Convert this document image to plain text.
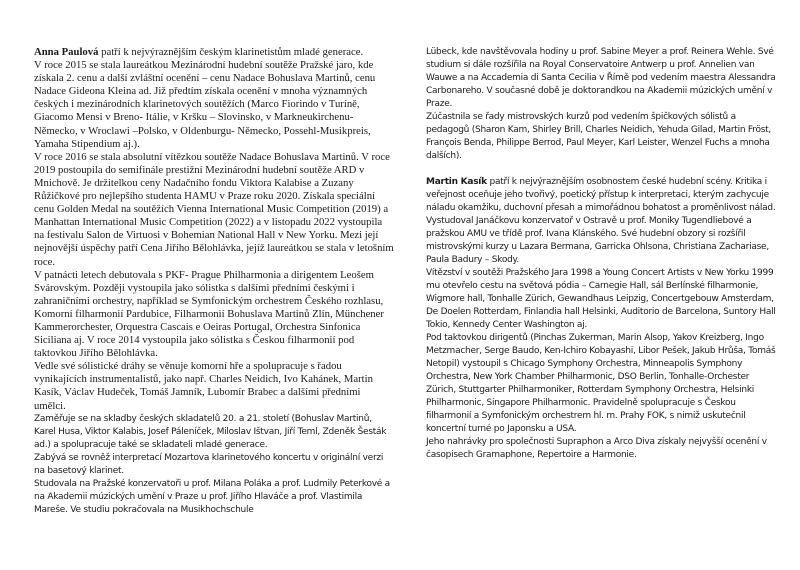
Anna Paulová patří k nejvýraznějším českým klarinetistům mladé generace.

V roce 2015 se stala laureátkou Mezinárodní hudební soutěže Pražské jaro, kde získala 2. cenu a další zvláštní ocenění – cenu Nadace Bohuslava Martinů, cenu Nadace Gideona Kleina ad. Již předtím získala ocenění v mnoha významných českých i mezinárodních klarinetových soutěžích (Marco Fiorindo v Turíně, Giacomo Mensi v Breno- Itálie, v Kršku – Slovinsko, v Markneukirchenu- Německo, v Wroclawi –Polsko, v Oldenburgu- Německo, Possehl-Musikpreis, Yamaha Stipendium aj.).

V roce 2016 se stala absolutní vítězkou soutěže Nadace Bohuslava Martinů. V roce 2019 postoupila do semifinále prestižní Mezinárodní hudební soutěže ARD v Mnichově. Je držitelkou ceny Nadačního fondu Viktora Kalabise a Zuzany Růžičkové pro nejlepšího studenta HAMU v Praze roku 2020. Získala speciální cenu Golden Medal na soutěžích Vienna International Music Competition (2019) a Manhattan International Music Competition (2022) a v listopadu 2022 vystoupila na festivalu Salon de Virtuosi v Bohemian National Hall v New Yorku. Mezi její nejnovější úspěchy patří Cena Jiřího Bělohlávka, jejíž laureátkou se stala v letošním roce.

V patnácti letech debutovala s PKF- Prague Philharmonia a dirigentem Leošem Svárovským. Později vystoupila jako sólistka s dalšími předními českými i zahraničními orchestry, například se Symfonickým orchestrem Českého rozhlasu, Komorní filharmonií Pardubice, Filharmonií Bohuslava Martinů Zlín, Münchener Kammerorchester, Orquestra Cascais e Oeiras Portugal, Orchestra Sinfonica Siciliana aj. V roce 2014 vystoupila jako sólistka s Českou filharmonií pod taktovkou Jiřího Bělohlávka.

Vedle své sólistické dráhy se věnuje komorní hře a spolupracuje s řadou vynikajících instrumentalistů, jako např. Charles Neidich, Ivo Kahánek, Martin Kasík, Václav Hudeček, Tomáš Jamník, Lubomír Brabec a dalšími předními umělci.

Zaměřuje se na skladby českých skladatelů 20. a 21. století (Bohuslav Martinů, Karel Husa, Viktor Kalabis, Josef Páleníček, Miloslav Ištvan, Jiří Teml, Zdeněk Šesták ad.) a spolupracuje také se skladateli mladé generace.

Zabývá se rovněž interpretací Mozartova klarinetového koncertu v originální verzi na basetový klarinet.

Studovala na Pražské konzervatoři u prof. Milana Poláka a prof. Ludmily Peterkové a na Akademii múzických umění v Praze u prof. Jiřího Hlaváče a prof. Vlastimila Mareše. Ve studiu pokračovala na Musikhochschule

Lübeck, kde navštěvovala hodiny u prof. Sabine Meyer a prof. Reinera Wehle. Své studium si dále rozšířila na Royal Conservatoire Antwerp u prof. Annelien van Wauwe a na Accademia di Santa Cecilia v Římě pod vedením maestra Alessandra Carbonareho. V současné době je doktorandkou na Akademii múzických umění v Praze.

Zúčastnila se řady mistrovských kurzů pod vedením špičkových sólistů a pedagogů (Sharon Kam, Shirley Brill, Charles Neidich, Yehuda Gilad, Martin Fröst, François Benda, Philippe Berrod, Paul Meyer, Karl Leister, Wenzel Fuchs a mnoha dalších).

Martin Kasík patří k nejvýraznějším osobnostem české hudební scény. Kritika i veřejnost oceňuje jeho tvořivý, poetický přístup k interpretaci, kterým zachycuje náladu okamžiku, duchovní přesah a mimořádnou bohatost a proměnlivost nálad.

Vystudoval Janáčkovu konzervatoř v Ostravě u prof. Moniky Tugendliebové a pražskou AMU ve třídě prof. Ivana Klánského. Své hudební obzory si rozšířil mistrovskými kurzy u Lazara Bermana, Garricka Ohlsona, Christiana Zachariase, Paula Badury – Skody.

Vítězství v soutěži Pražského Jara 1998 a Young Concert Artists v New Yorku 1999 mu otevřelo cestu na světová pódia – Carnegie Hall, sál Berlínské filharmonie, Wigmore hall, Tonhalle Zürich, Gewandhaus Leipzig, Concertgebouw Amsterdam, De Doelen Rotterdam, Finlandia hall Helsinki, Auditorio de Barcelona, Suntory Hall Tokio, Kennedy Center Washington aj.

Pod taktovkou dirigentů (Pinchas Zukerman, Marin Alsop, Yakov Kreizberg, Ingo Metzmacher, Serge Baudo, Ken-Ichiro Kobayashi, Libor Pešek, Jakub Hrůša, Tomáš Netopil) vystoupil s Chicago Symphony Orchestra, Minneapolis Symphony Orchestra, New York Chamber Philharmonic, DSO Berlin, Tonhalle-Orchester Zürich, Stuttgarter Philharmoniker, Rotterdam Symphony Orchestra, Helsinki Philharmonic, Singapore Philharmonic. Pravidelně spolupracuje s Českou filharmonií a Symfonickým orchestrem hl. m. Prahy FOK, s nimiž uskutečnil koncertní turné po Japonsku a USA.

Jeho nahrávky pro společnosti Supraphon a Arco Diva získaly nejvyšší ocenění v časopisech Gramaphone, Repertoire a Harmonie.
